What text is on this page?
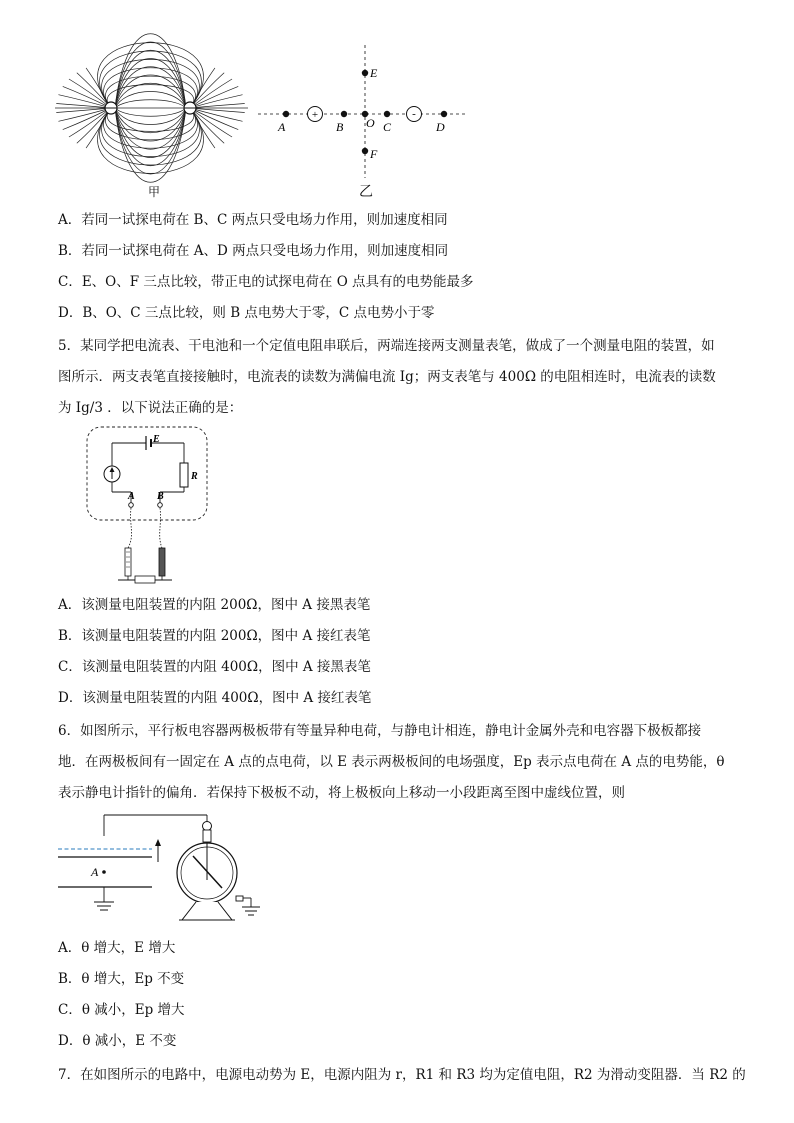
甲
+	-
A	B O C	D
E
F
乙
A．若同一试探电荷在 B、C 两点只受电场力作用，则加速度相同
B．若同一试探电荷在 A、D 两点只受电场力作用，则加速度相同
C．E、O、F 三点比较，带正电的试探电荷在 O 点具有的电势能最多
D．B、O、C 三点比较，则 B 点电势大于零，C 点电势小于零
5．某同学把电流表、干电池和一个定值电阻串联后，两端连接两支测量表笔，做成了一个测量电阻的装置，如
图所示．两支表笔直接接触时，电流表的读数为满偏电流 Ig；两支表笔与 400Ω 的电阻相连时，电流表的读数
为 Ig/3 ．以下说法正确的是：
E
R
A B
A．该测量电阻装置的内阻 200Ω，图中 A 接黑表笔
B．该测量电阻装置的内阻 200Ω，图中 A 接红表笔
C．该测量电阻装置的内阻 400Ω，图中 A 接黑表笔
D．该测量电阻装置的内阻 400Ω，图中 A 接红表笔
6．如图所示，平行板电容器两极板带有等量异种电荷，与静电计相连，静电计金属外壳和电容器下极板都接
地．在两极板间有一固定在 A 点的点电荷，以 E 表示两极板间的电场强度，Ep 表示点电荷在 A 点的电势能，θ
表示静电计指针的偏角．若保持下极板不动，将上极板向上移动一小段距离至图中虚线位置，则
A
A．θ 增大，E 增大
B．θ 增大，Ep 不变
C．θ 减小，Ep 增大
D．θ 减小，E 不变
7．在如图所示的电路中，电源电动势为 E，电源内阻为 r，R1 和 R3 均为定值电阻，R2 为滑动变阻器．当 R2 的
